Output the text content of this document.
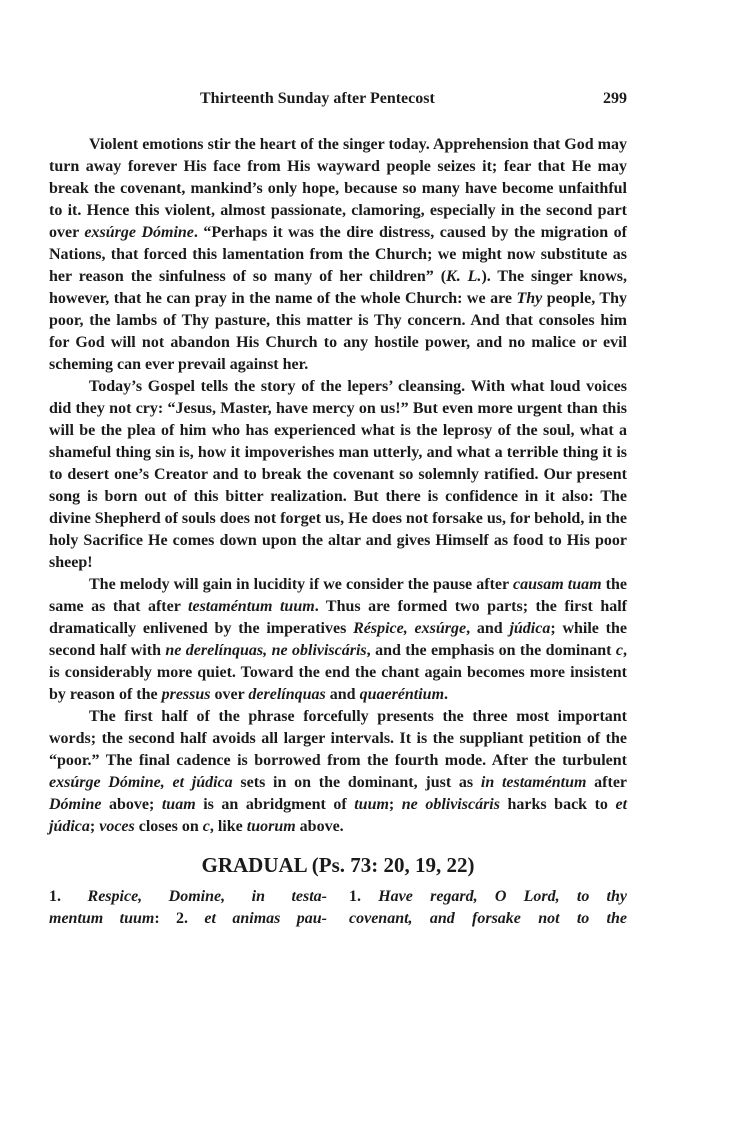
Thirteenth Sunday after Pentecost	299

Violent emotions stir the heart of the singer today. Apprehension that God may turn away forever His face from His wayward people seizes it; fear that He may break the covenant, mankind’s only hope, because so many have become unfaithful to it. Hence this violent, almost passionate, clamoring, especially in the second part over exsúrge Dómine. “Perhaps it was the dire distress, caused by the migration of Nations, that forced this lamentation from the Church; we might now substitute as her reason the sinfulness of so many of her children” (K. L.). The singer knows, however, that he can pray in the name of the whole Church: we are Thy people, Thy poor, the lambs of Thy pasture, this matter is Thy concern. And that consoles him for God will not abandon His Church to any hostile power, and no malice or evil scheming can ever prevail against her.

Today’s Gospel tells the story of the lepers’ cleansing. With what loud voices did they not cry: “Jesus, Master, have mercy on us!” But even more urgent than this will be the plea of him who has experienced what is the leprosy of the soul, what a shameful thing sin is, how it impoverishes man utterly, and what a terrible thing it is to desert one’s Creator and to break the covenant so solemnly ratified. Our present song is born out of this bitter realization. But there is confidence in it also: The divine Shepherd of souls does not forget us, He does not forsake us, for behold, in the holy Sacrifice He comes down upon the altar and gives Himself as food to His poor sheep!

The melody will gain in lucidity if we consider the pause after causam tuam the same as that after testaméntum tuum. Thus are formed two parts; the first half dramatically enlivened by the imperatives Réspice, exsúrge, and júdica; while the second half with ne derelínquas, ne obliviscáris, and the emphasis on the dominant c, is considerably more quiet. Toward the end the chant again becomes more insistent by reason of the pressus over derelínquas and quaeréntium.

The first half of the phrase forcefully presents the three most important words; the second half avoids all larger intervals. It is the suppliant petition of the “poor.” The final cadence is borrowed from the fourth mode. After the turbulent exsúrge Dómine, et júdica sets in on the dominant, just as in testaméntum after Dómine above; tuam is an abridgment of tuum; ne obliviscáris harks back to et júdica; voces closes on c, like tuorum above.

GRADUAL (Ps. 73: 20, 19, 22)
1. Respice, Domine, in testa-
mentum tuum: 2. et animas pau-
1. Have regard, O Lord, to thy
covenant, and forsake not to the
